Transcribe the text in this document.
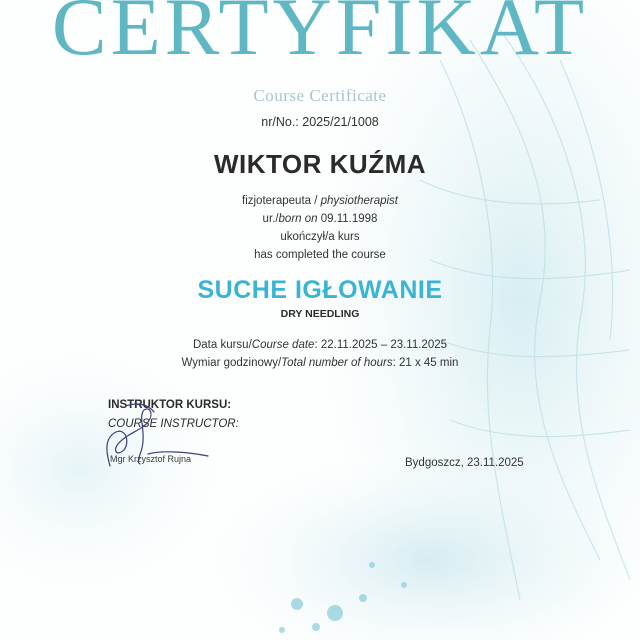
CERTYFIKAT
Course Certificate
nr/No.: 2025/21/1008
WIKTOR KUŹMA
fizjoterapeuta / physiotherapist
ur./born on 09.11.1998
ukończył/a kurs
has completed the course
SUCHE IGŁOWANIE
DRY NEEDLING
Data kursu/Course date: 22.11.2025 – 23.11.2025
Wymiar godzinowy/Total number of hours: 21 x 45 min
INSTRUKTOR KURSU:
COURSE INSTRUCTOR:
Mgr Krzysztof Rujna	Bydgoszcz, 23.11.2025
